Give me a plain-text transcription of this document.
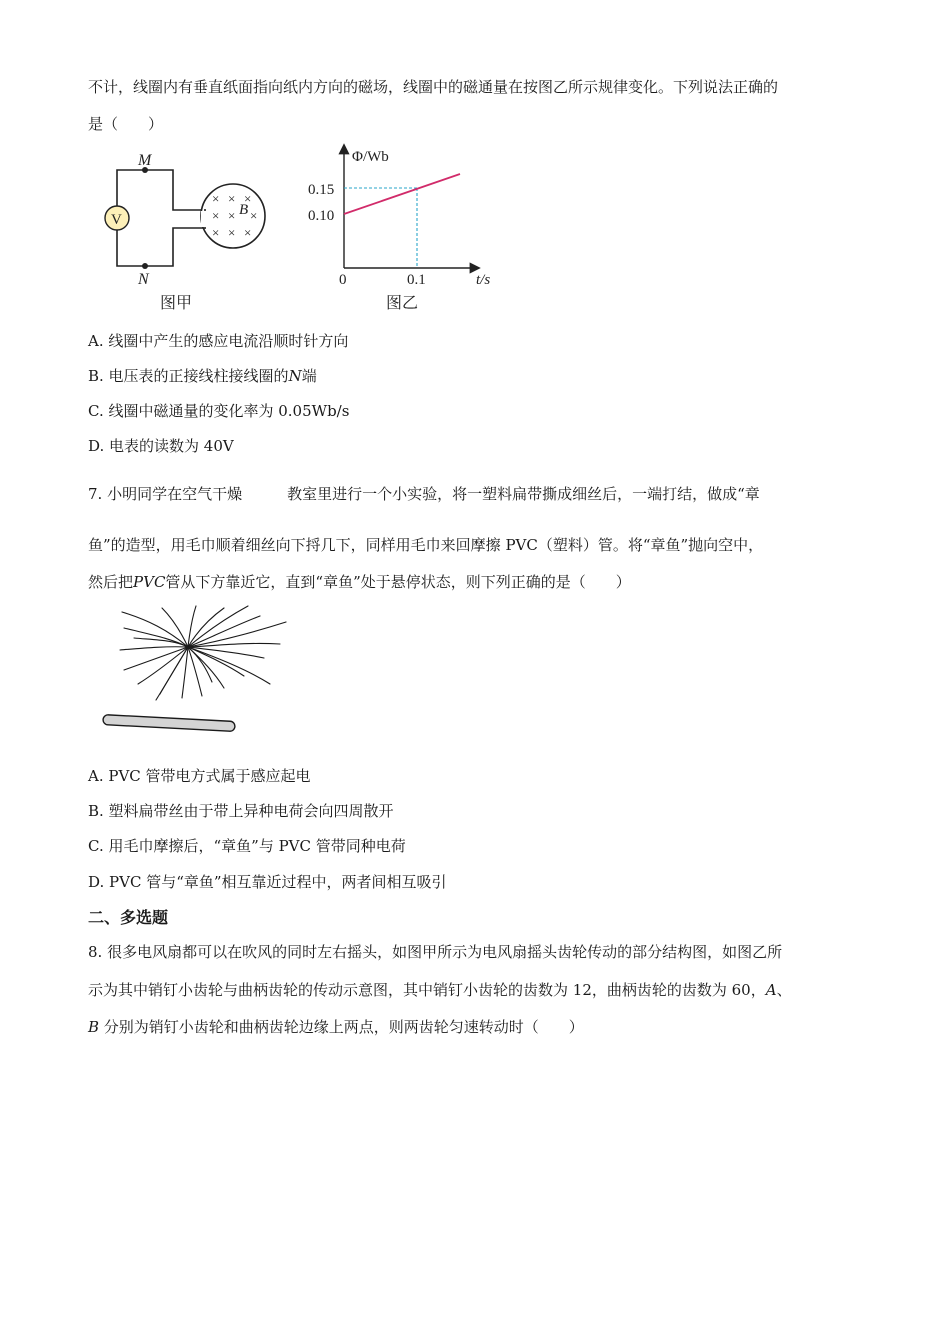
不计，线圈内有垂直纸面指向纸内方向的磁场，线圈中的磁通量在按图乙所示规律变化。下列说法正确的
是（　　）
M
N
V
× × ×
× × ×
× × ×
B
图甲
Φ/Wb
t/s
0.15
0.10
0	0.1
图乙
A. 线圈中产生的感应电流沿顺时针方向
B. 电压表的正接线柱接线圈的N端
C. 线圈中磁通量的变化率为 0.05Wb/s
D. 电表的读数为 40V
7. 小明同学在空气干燥　　　教室里进行一个小实验，将一塑料扁带撕成细丝后，一端打结，做成“章
鱼”的造型，用毛巾顺着细丝向下捋几下，同样用毛巾来回摩擦 PVC（塑料）管。将“章鱼”抛向空中，
然后把PVC管从下方靠近它，直到“章鱼”处于悬停状态，则下列正确的是（　　）
A. PVC 管带电方式属于感应起电
B. 塑料扁带丝由于带上异种电荷会向四周散开
C. 用毛巾摩擦后，“章鱼”与 PVC 管带同种电荷
D. PVC 管与“章鱼”相互靠近过程中，两者间相互吸引
二、多选题
8. 很多电风扇都可以在吹风的同时左右摇头，如图甲所示为电风扇摇头齿轮传动的部分结构图，如图乙所
示为其中销钉小齿轮与曲柄齿轮的传动示意图，其中销钉小齿轮的齿数为 12，曲柄齿轮的齿数为 60，A、
B 分别为销钉小齿轮和曲柄齿轮边缘上两点，则两齿轮匀速转动时（　　）
